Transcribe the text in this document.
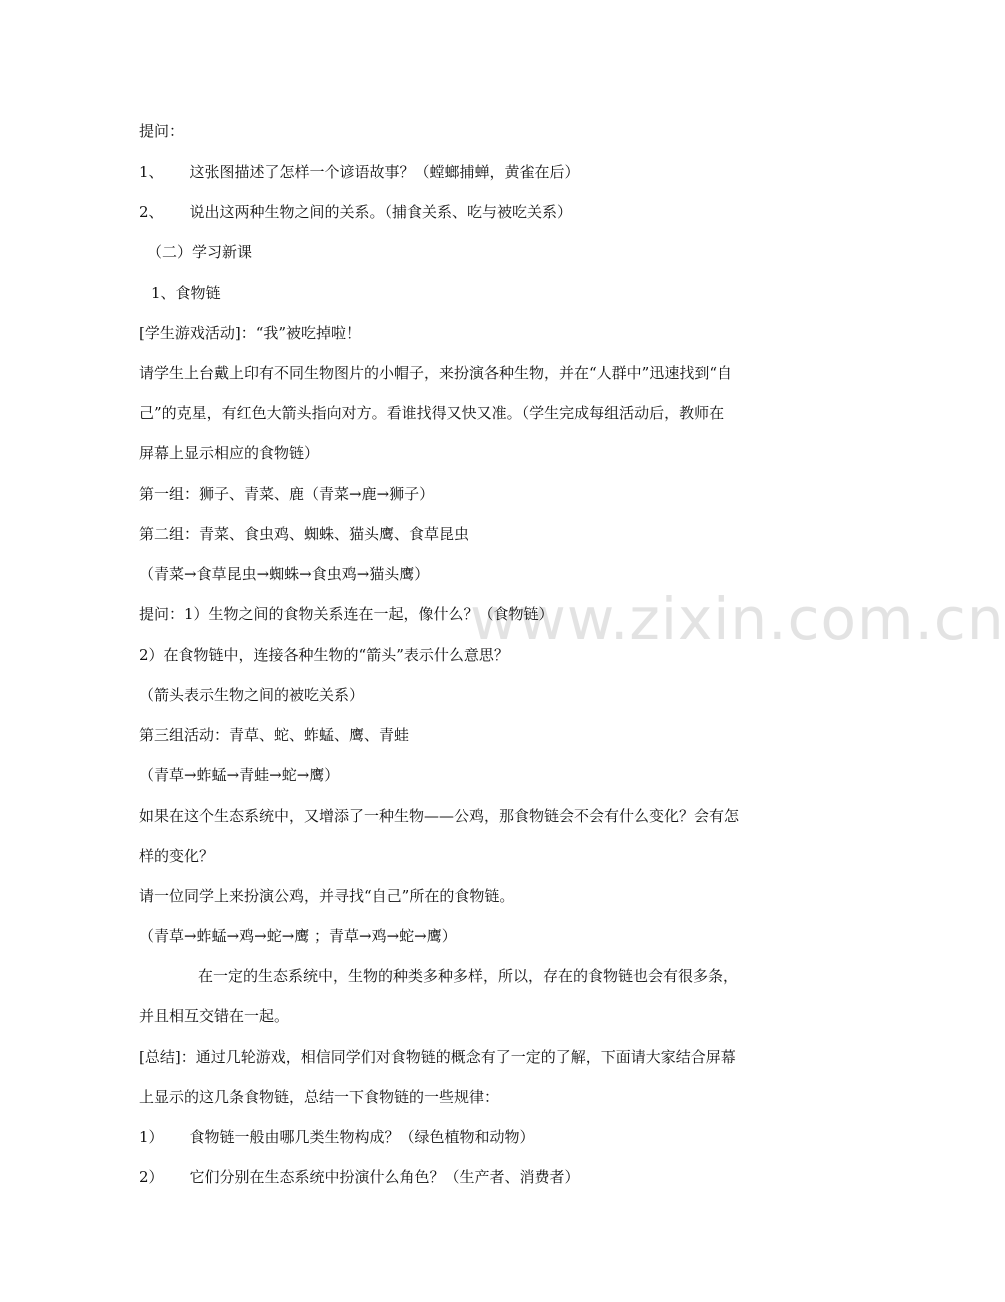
www.zixin.com.cn
提问：
1、 这张图描述了怎样一个谚语故事？（螳螂捕蝉，黄雀在后）
2、 说出这两种生物之间的关系。（捕食关系、吃与被吃关系）
（二）学习新课
1、食物链
[学生游戏活动]：“我”被吃掉啦！
请学生上台戴上印有不同生物图片的小帽子，来扮演各种生物，并在“人群中”迅速找到“自
己”的克星，有红色大箭头指向对方。看谁找得又快又准。（学生完成每组活动后，教师在
屏幕上显示相应的食物链）
第一组：狮子、青菜、鹿（青菜→鹿→狮子）
第二组：青菜、食虫鸡、蜘蛛、猫头鹰、食草昆虫
（青菜→食草昆虫→蜘蛛→食虫鸡→猫头鹰）
提问：1）生物之间的食物关系连在一起，像什么？（食物链）
2）在食物链中，连接各种生物的“箭头”表示什么意思？
（箭头表示生物之间的被吃关系）
第三组活动：青草、蛇、蚱蜢、鹰、青蛙
（青草→蚱蜢→青蛙→蛇→鹰）
如果在这个生态系统中，又增添了一种生物——公鸡，那食物链会不会有什么变化？会有怎
样的变化？
请一位同学上来扮演公鸡，并寻找“自己”所在的食物链。
（青草→蚱蜢→鸡→蛇→鹰 ；青草→鸡→蛇→鹰）
在一定的生态系统中，生物的种类多种多样，所以，存在的食物链也会有很多条，
并且相互交错在一起。
[总结]：通过几轮游戏，相信同学们对食物链的概念有了一定的了解，下面请大家结合屏幕
上显示的这几条食物链，总结一下食物链的一些规律：
1） 食物链一般由哪几类生物构成？（绿色植物和动物）
2） 它们分别在生态系统中扮演什么角色？（生产者、消费者）
